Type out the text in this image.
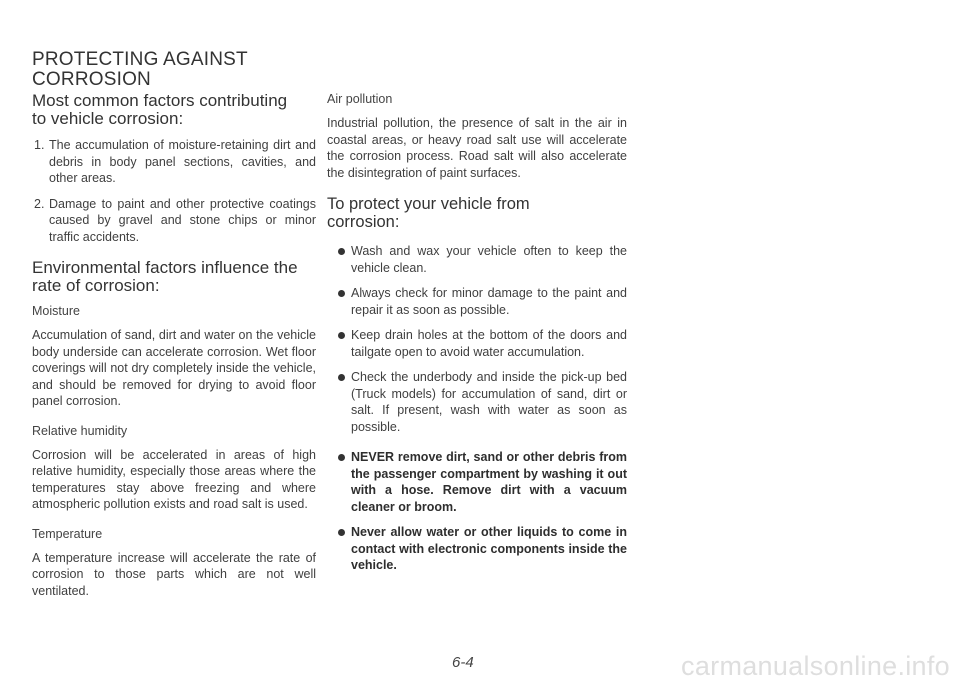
PROTECTING AGAINST
CORROSION
Most common factors contributing
to vehicle corrosion:
1. The accumulation of moisture-retaining dirt and debris in body panel sections, cavities, and other areas.
2. Damage to paint and other protective coatings caused by gravel and stone chips or minor traffic accidents.
Environmental factors influence the
rate of corrosion:
Moisture

Accumulation of sand, dirt and water on the vehicle body underside can accelerate corrosion. Wet floor coverings will not dry completely inside the vehicle, and should be removed for drying to avoid floor panel corrosion.

Relative humidity

Corrosion will be accelerated in areas of high relative humidity, especially those areas where the temperatures stay above freezing and where atmospheric pollution exists and road salt is used.

Temperature

A temperature increase will accelerate the rate of corrosion to those parts which are not well ventilated.

Air pollution

Industrial pollution, the presence of salt in the air in coastal areas, or heavy road salt use will accelerate the corrosion process. Road salt will also accelerate the disintegration of paint surfaces.

To protect your vehicle from
corrosion:
Wash and wax your vehicle often to keep the vehicle clean.
Always check for minor damage to the paint and repair it as soon as possible.
Keep drain holes at the bottom of the doors and tailgate open to avoid water accumulation.
Check the underbody and inside the pick-up bed (Truck models) for accumulation of sand, dirt or salt. If present, wash with water as soon as possible.
NEVER remove dirt, sand or other debris from the passenger compartment by washing it out with a hose. Remove dirt with a vacuum cleaner or broom.
Never allow water or other liquids to come in contact with electronic components inside the vehicle.
6-4	carmanualsonline.info
